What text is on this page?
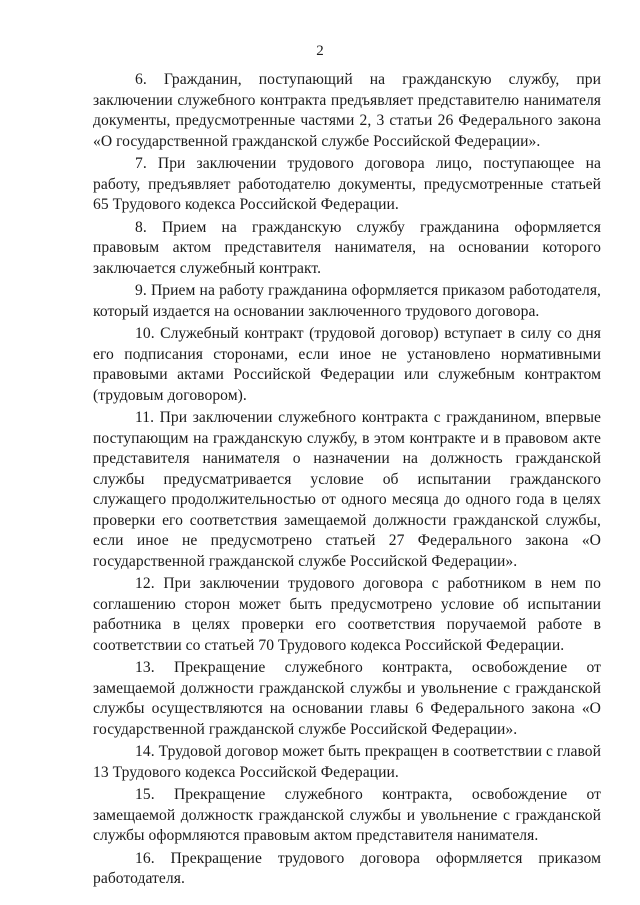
2

6. Гражданин, поступающий на гражданскую службу, при заключении служебного контракта предъявляет представителю нанимателя документы, предусмотренные частями 2, 3 статьи 26 Федерального закона «О государственной гражданской службе Российской Федерации».

7. При заключении трудового договора лицо, поступающее на работу, предъявляет работодателю документы, предусмотренные статьей 65 Трудового кодекса Российской Федерации.

8. Прием на гражданскую службу гражданина оформляется правовым актом представителя нанимателя, на основании которого заключается служебный контракт.

9. Прием на работу гражданина оформляется приказом работодателя, который издается на основании заключенного трудового договора.

10. Служебный контракт (трудовой договор) вступает в силу со дня его подписания сторонами, если иное не установлено нормативными правовыми актами Российской Федерации или служебным контрактом (трудовым договором).

11. При заключении служебного контракта с гражданином, впервые поступающим на гражданскую службу, в этом контракте и в правовом акте представителя нанимателя о назначении на должность гражданской службы предусматривается условие об испытании гражданского служащего продолжительностью от одного месяца до одного года в целях проверки его соответствия замещаемой должности гражданской службы, если иное не предусмотрено статьей 27 Федерального закона «О государственной гражданской службе Российской Федерации».

12. При заключении трудового договора с работником в нем по соглашению сторон может быть предусмотрено условие об испытании работника в целях проверки его соответствия поручаемой работе в соответствии со статьей 70 Трудового кодекса Российской Федерации.

13. Прекращение служебного контракта, освобождение от замещаемой должности гражданской службы и увольнение с гражданской службы осуществляются на основании главы 6 Федерального закона «О государственной гражданской службе Российской Федерации».

14. Трудовой договор может быть прекращен в соответствии с главой 13 Трудового кодекса Российской Федерации.

15. Прекращение служебного контракта, освобождение от замещаемой должностк гражданской службы и увольнение с гражданской службы оформляются правовым актом представителя нанимателя.

16. Прекращение трудового договора оформляется приказом работодателя.
